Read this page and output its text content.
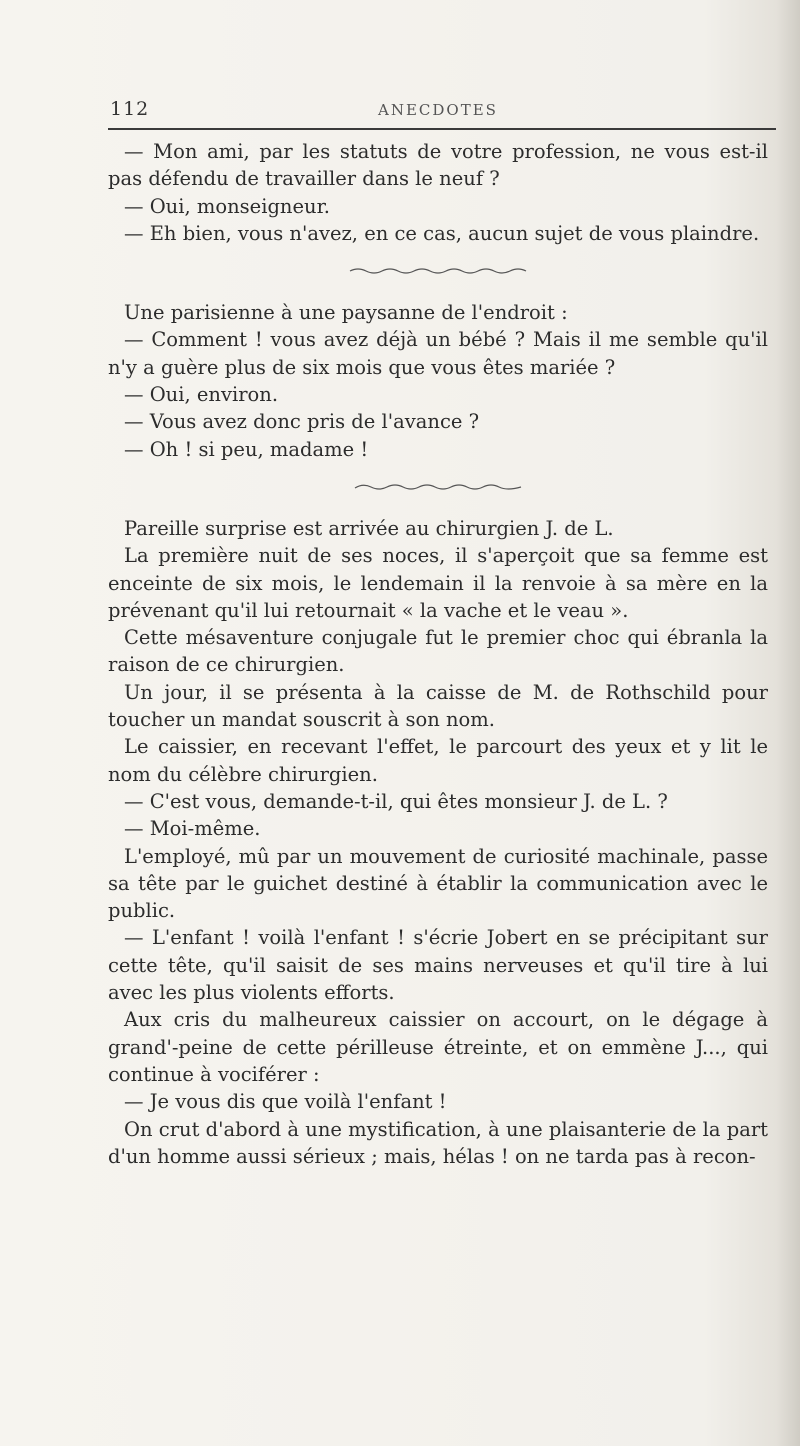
112	ANECDOTES

— Mon ami, par les statuts de votre profession, ne vous est-il pas défendu de travailler dans le neuf ?

— Oui, monseigneur.

— Eh bien, vous n'avez, en ce cas, aucun sujet de vous plaindre.

Une parisienne à une paysanne de l'endroit :

— Comment ! vous avez déjà un bébé ? Mais il me semble qu'il n'y a guère plus de six mois que vous êtes mariée ?

— Oui, environ.

— Vous avez donc pris de l'avance ?

— Oh ! si peu, madame !

Pareille surprise est arrivée au chirurgien J. de L.

La première nuit de ses noces, il s'aperçoit que sa femme est enceinte de six mois, le lendemain il la renvoie à sa mère en la prévenant qu'il lui retournait « la vache et le veau ».

Cette mésaventure conjugale fut le premier choc qui ébranla la raison de ce chirurgien.

Un jour, il se présenta à la caisse de M. de Rothschild pour toucher un mandat souscrit à son nom.

Le caissier, en recevant l'effet, le parcourt des yeux et y lit le nom du célèbre chirurgien.

— C'est vous, demande-t-il, qui êtes monsieur J. de L. ?

— Moi-même.

L'employé, mû par un mouvement de curiosité machinale, passe sa tête par le guichet destiné à établir la communication avec le public.

— L'enfant ! voilà l'enfant ! s'écrie Jobert en se précipitant sur cette tête, qu'il saisit de ses mains nerveuses et qu'il tire à lui avec les plus violents efforts.

Aux cris du malheureux caissier on accourt, on le dégage à grand'-peine de cette périlleuse étreinte, et on emmène J..., qui continue à vociférer :

— Je vous dis que voilà l'enfant !

On crut d'abord à une mystification, à une plaisanterie de la part d'un homme aussi sérieux ; mais, hélas ! on ne tarda pas à recon-
